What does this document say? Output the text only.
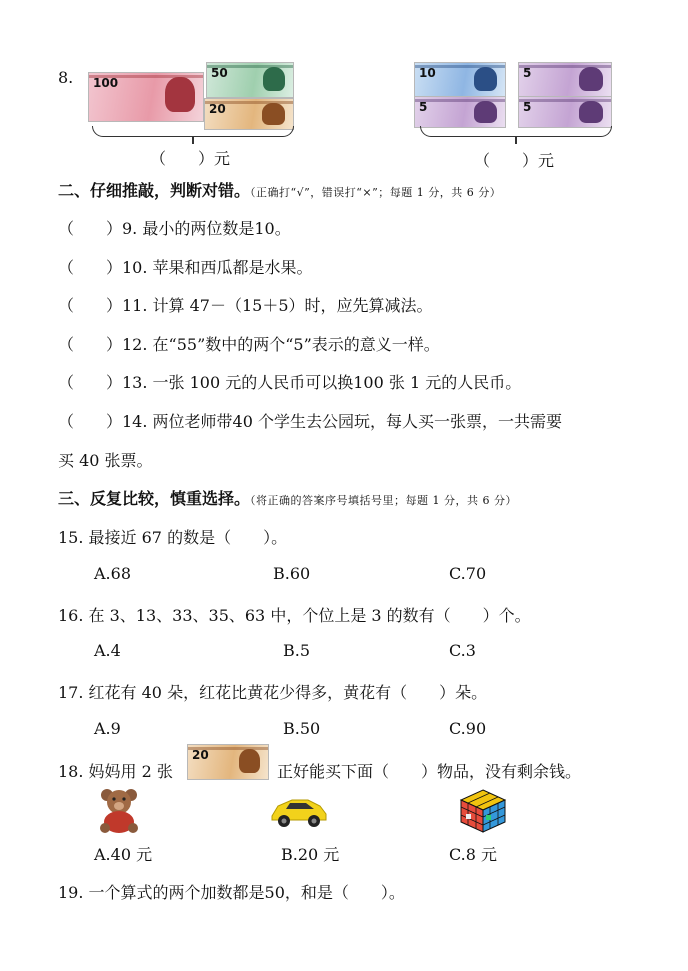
8. 100
50
20
（　　）元
10	5
5	5
（　　）元
二、仔细推敲，判断对错。（正确打“√”，错误打“×”；每题 1 分，共 6 分）
（　　）9. 最小的两位数是10。
（　　）10. 苹果和西瓜都是水果。
（　　）11. 计算 47－（15＋5）时，应先算减法。
（　　）12. 在“55”数中的两个“5”表示的意义一样。
（　　）13. 一张 100 元的人民币可以换100 张 1 元的人民币。
（　　）14. 两位老师带40 个学生去公园玩，每人买一张票，一共需要
买 40 张票。
三、反复比较，慎重选择。（将正确的答案序号填括号里；每题 1 分，共 6 分）
15. 最接近 67 的数是（　　）。
A.68	B.60	C.70
16. 在 3、13、33、35、63 中，个位上是 3 的数有（　　）个。
A.4	B.5	C.3
17. 红花有 40 朵，红花比黄花少得多，黄花有（　　）朵。
A.9	B.50	C.90
18. 妈妈用 2 张
20
正好能买下面（　　）物品，没有剩余钱。
A.40 元	B.20 元	C.8 元
19. 一个算式的两个加数都是50，和是（　　）。
